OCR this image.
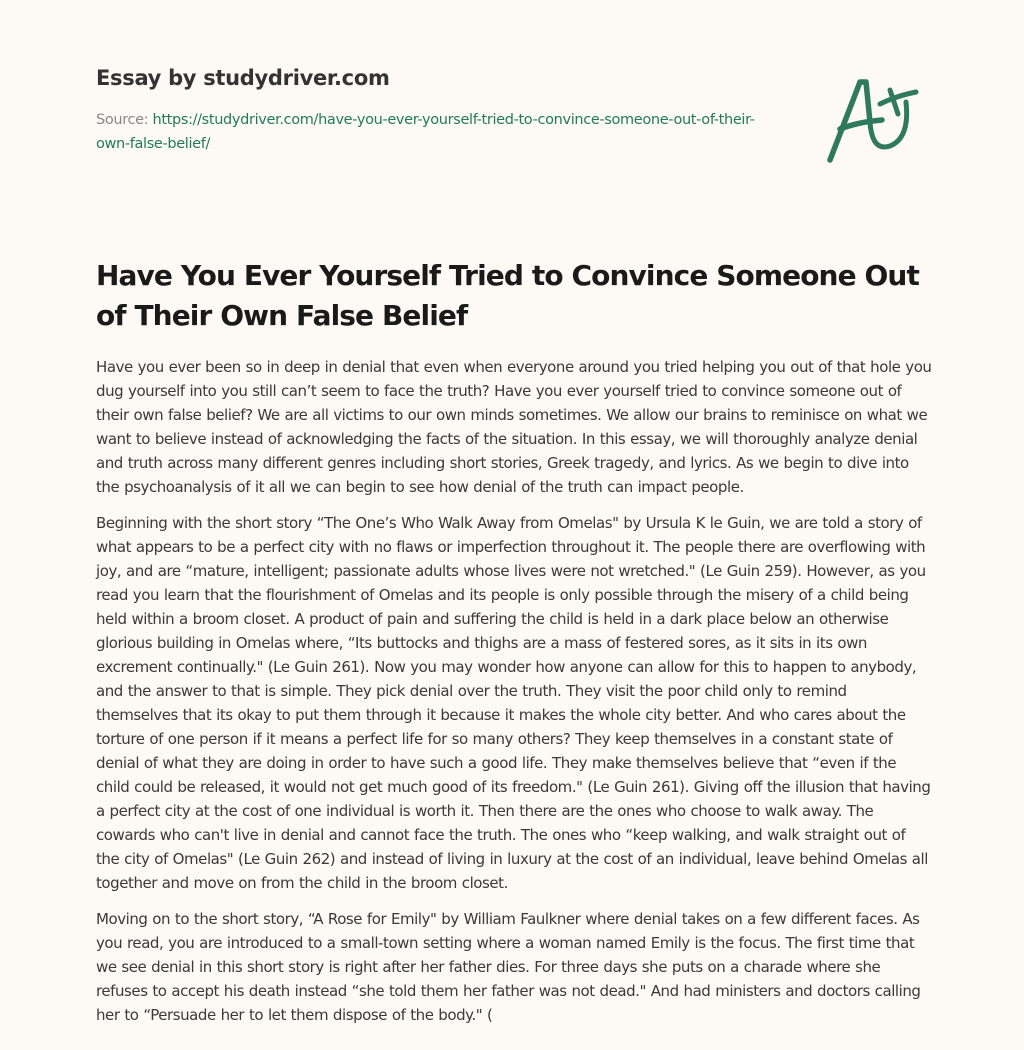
Essay by studydriver.com
Source: https://studydriver.com/have-you-ever-yourself-tried-to-convince-someone-out-of-their-own-false-belief/
Have You Ever Yourself Tried to Convince Someone Out of Their Own False Belief

Have you ever been so in deep in denial that even when everyone around you tried helping you out of that hole you dug yourself into you still can’t seem to face the truth? Have you ever yourself tried to convince someone out of their own false belief? We are all victims to our own minds sometimes. We allow our brains to reminisce on what we want to believe instead of acknowledging the facts of the situation. In this essay, we will thoroughly analyze denial and truth across many different genres including short stories, Greek tragedy, and lyrics. As we begin to dive into the psychoanalysis of it all we can begin to see how denial of the truth can impact people.

Beginning with the short story “The One’s Who Walk Away from Omelas" by Ursula K le Guin, we are told a story of what appears to be a perfect city with no flaws or imperfection throughout it. The people there are overflowing with joy, and are “mature, intelligent; passionate adults whose lives were not wretched." (Le Guin 259). However, as you read you learn that the flourishment of Omelas and its people is only possible through the misery of a child being held within a broom closet. A product of pain and suffering the child is held in a dark place below an otherwise glorious building in Omelas where, “Its buttocks and thighs are a mass of festered sores, as it sits in its own excrement continually." (Le Guin 261). Now you may wonder how anyone can allow for this to happen to anybody, and the answer to that is simple. They pick denial over the truth. They visit the poor child only to remind themselves that its okay to put them through it because it makes the whole city better. And who cares about the torture of one person if it means a perfect life for so many others? They keep themselves in a constant state of denial of what they are doing in order to have such a good life. They make themselves believe that “even if the child could be released, it would not get much good of its freedom." (Le Guin 261). Giving off the illusion that having a perfect city at the cost of one individual is worth it. Then there are the ones who choose to walk away. The cowards who can't live in denial and cannot face the truth. The ones who “keep walking, and walk straight out of the city of Omelas" (Le Guin 262) and instead of living in luxury at the cost of an individual, leave behind Omelas all together and move on from the child in the broom closet.

Moving on to the short story, “A Rose for Emily" by William Faulkner where denial takes on a few different faces. As you read, you are introduced to a small-town setting where a woman named Emily is the focus. The first time that we see denial in this short story is right after her father dies. For three days she puts on a charade where she refuses to accept his death instead “she told them her father was not dead." And had ministers and doctors calling her to “Persuade her to let them dispose of the body." (
